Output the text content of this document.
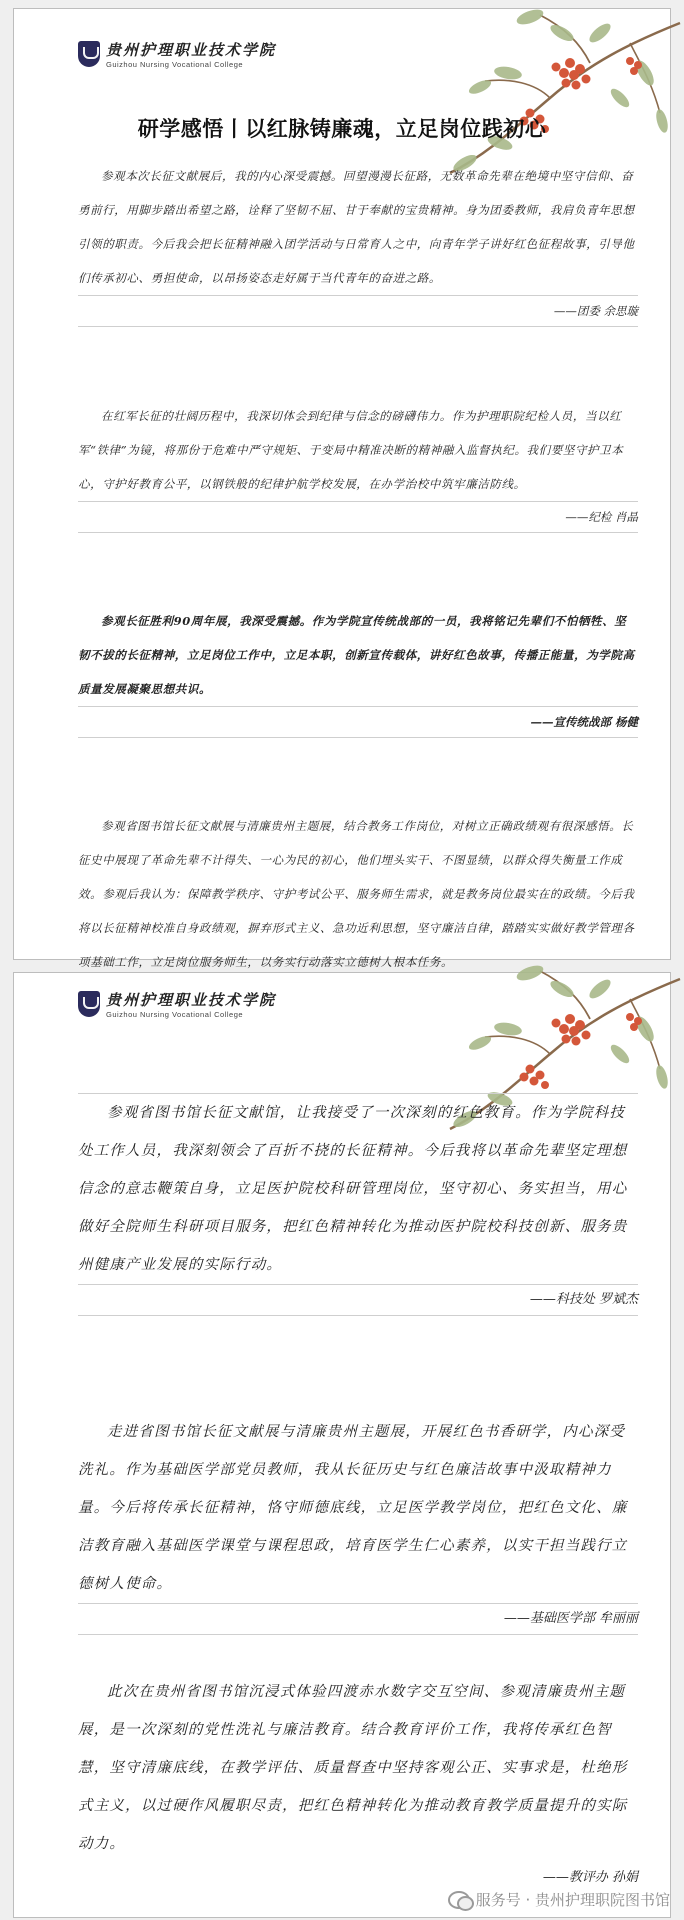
贵州护理职业技术学院
Guizhou Nursing Vocational College
研学感悟丨以红脉铸廉魂，立足岗位践初心

参观本次长征文献展后，我的内心深受震撼。回望漫漫长征路，无数革命先辈在绝境中坚守信仰、奋勇前行，用脚步踏出希望之路，诠释了坚韧不屈、甘于奉献的宝贵精神。身为团委教师，我肩负青年思想引领的职责。今后我会把长征精神融入团学活动与日常育人之中，向青年学子讲好红色征程故事，引导他们传承初心、勇担使命，以昂扬姿态走好属于当代青年的奋进之路。

——团委 余思璇

在红军长征的壮阔历程中，我深切体会到纪律与信念的磅礴伟力。作为护理职院纪检人员，当以红军“铁律”为镜，将那份于危难中严守规矩、于变局中精准决断的精神融入监督执纪。我们要坚守护卫本心，守护好教育公平，以钢铁般的纪律护航学校发展，在办学治校中筑牢廉洁防线。

——纪检 肖晶

参观长征胜利90周年展，我深受震撼。作为学院宣传统战部的一员，我将铭记先辈们不怕牺牲、坚韧不拔的长征精神，立足岗位工作中，立足本职，创新宣传载体，讲好红色故事，传播正能量，为学院高质量发展凝聚思想共识。

——宣传统战部 杨健

参观省图书馆长征文献展与清廉贵州主题展，结合教务工作岗位，对树立正确政绩观有很深感悟。长征史中展现了革命先辈不计得失、一心为民的初心，他们埋头实干、不图显绩，以群众得失衡量工作成效。参观后我认为：保障教学秩序、守护考试公平、服务师生需求，就是教务岗位最实在的政绩。今后我将以长征精神校准自身政绩观，摒弃形式主义、急功近利思想，坚守廉洁自律，踏踏实实做好教学管理各项基础工作，立足岗位服务师生，以务实行动落实立德树人根本任务。

贵州护理职业技术学院
Guizhou Nursing Vocational College

参观省图书馆长征文献馆，让我接受了一次深刻的红色教育。作为学院科技处工作人员，我深刻领会了百折不挠的长征精神。今后我将以革命先辈坚定理想信念的意志鞭策自身，立足医护院校科研管理岗位，坚守初心、务实担当，用心做好全院师生科研项目服务，把红色精神转化为推动医护院校科技创新、服务贵州健康产业发展的实际行动。

——科技处 罗斌杰

走进省图书馆长征文献展与清廉贵州主题展，开展红色书香研学，内心深受洗礼。作为基础医学部党员教师，我从长征历史与红色廉洁故事中汲取精神力量。今后将传承长征精神，恪守师德底线，立足医学教学岗位，把红色文化、廉洁教育融入基础医学课堂与课程思政，培育医学生仁心素养，以实干担当践行立德树人使命。

——基础医学部 牟丽丽

此次在贵州省图书馆沉浸式体验四渡赤水数字交互空间、参观清廉贵州主题展，是一次深刻的党性洗礼与廉洁教育。结合教育评价工作，我将传承红色智慧，坚守清廉底线，在教学评估、质量督查中坚持客观公正、实事求是，杜绝形式主义，以过硬作风履职尽责，把红色精神转化为推动教育教学质量提升的实际动力。

——教评办 孙娟
服务号 · 贵州护理职院图书馆
